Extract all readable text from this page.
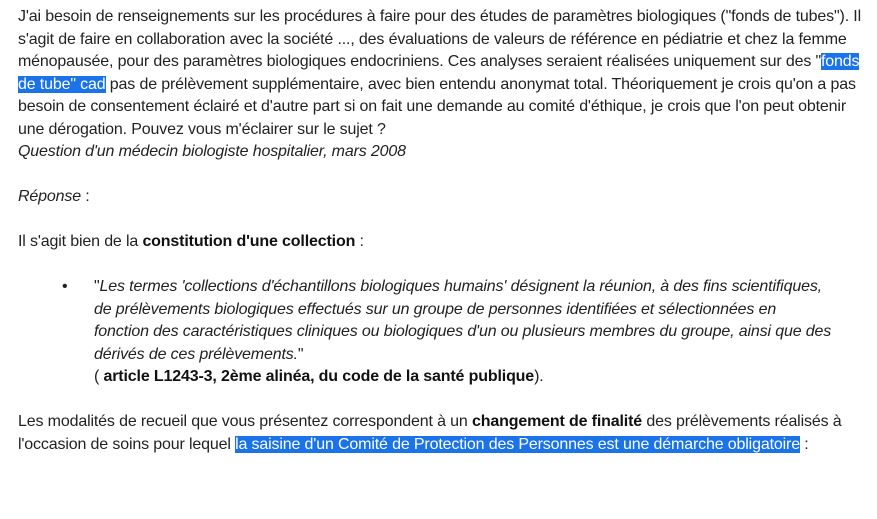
J'ai besoin de renseignements sur les procédures à faire pour des études de paramètres biologiques ("fonds de tubes"). Il s'agit de faire en collaboration avec la société ..., des évaluations de valeurs de référence en pédiatrie et chez la femme ménopausée, pour des paramètres biologiques endocriniens. Ces analyses seraient réalisées uniquement sur des "fonds de tube" cad pas de prélèvement supplémentaire, avec bien entendu anonymat total. Théoriquement je crois qu'on a pas besoin de consentement éclairé et d'autre part si on fait une demande au comité d'éthique, je crois que l'on peut obtenir une dérogation. Pouvez vous m'éclairer sur le sujet ?
Question d'un médecin biologiste hospitalier, mars 2008

Réponse :

Il s'agit bien de la constitution d'une collection :

• "Les termes 'collections d'échantillons biologiques humains' désignent la réunion, à des fins scientifiques, de prélèvements biologiques effectués sur un groupe de personnes identifiées et sélectionnées en fonction des caractéristiques cliniques ou biologiques d'un ou plusieurs membres du groupe, ainsi que des dérivés de ces prélèvements."
( article L1243-3, 2ème alinéa, du code de la santé publique).

Les modalités de recueil que vous présentez correspondent à un changement de finalité des prélèvements réalisés à l'occasion de soins pour lequel la saisine d'un Comité de Protection des Personnes est une démarche obligatoire :
